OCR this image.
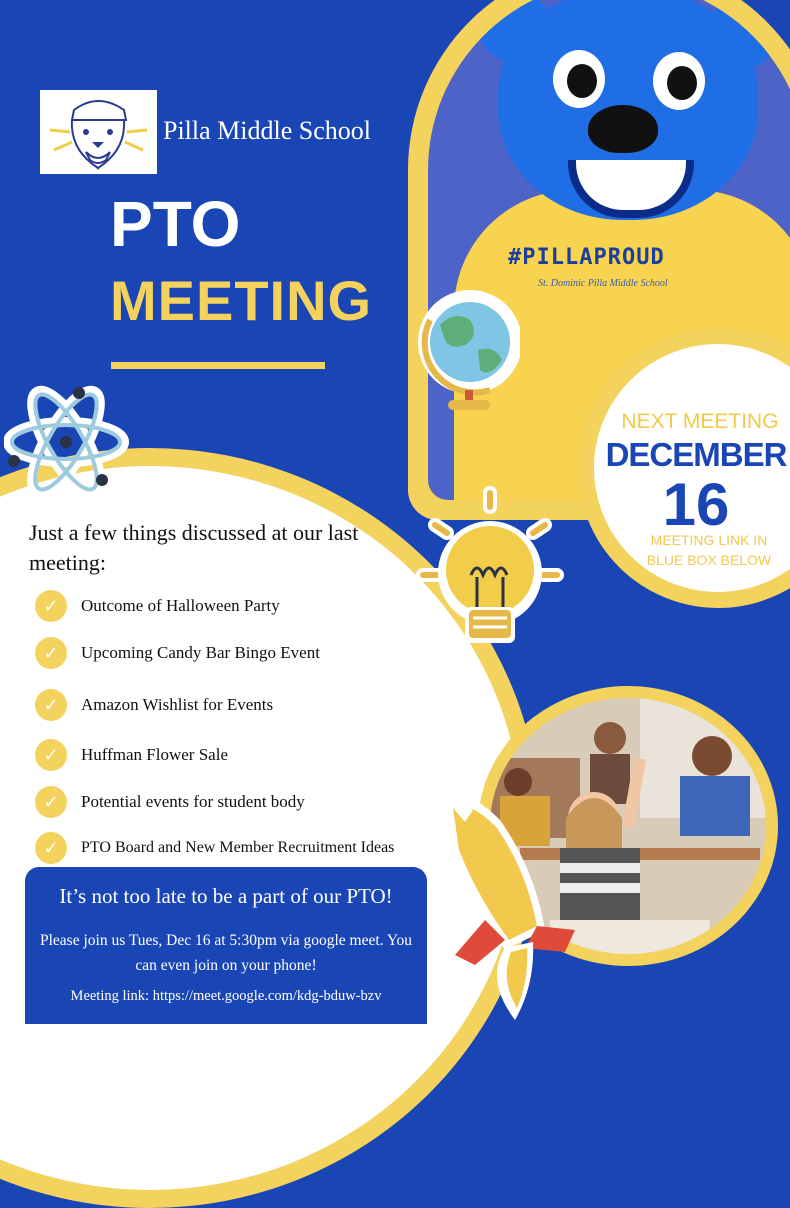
#PILLAPROUD
St. Dominic Pilla Middle School
NEXT MEETING
DECEMBER
16
MEETING LINK IN
BLUE BOX BELOW
Pilla Middle School
PTO
MEETING
Just a few things discussed at our last meeting:
✓	Outcome of Halloween Party
✓	Upcoming Candy Bar Bingo Event
✓	Amazon Wishlist for Events
✓	Huffman Flower Sale
✓	Potential events for student body
✓	PTO Board and New Member Recruitment Ideas
It’s not too late to be a part of our PTO!
Please join us Tues, Dec 16 at 5:30pm via google meet. You can even join on your phone!
Meeting link: https://meet.google.com/kdg-bduw-bzv
